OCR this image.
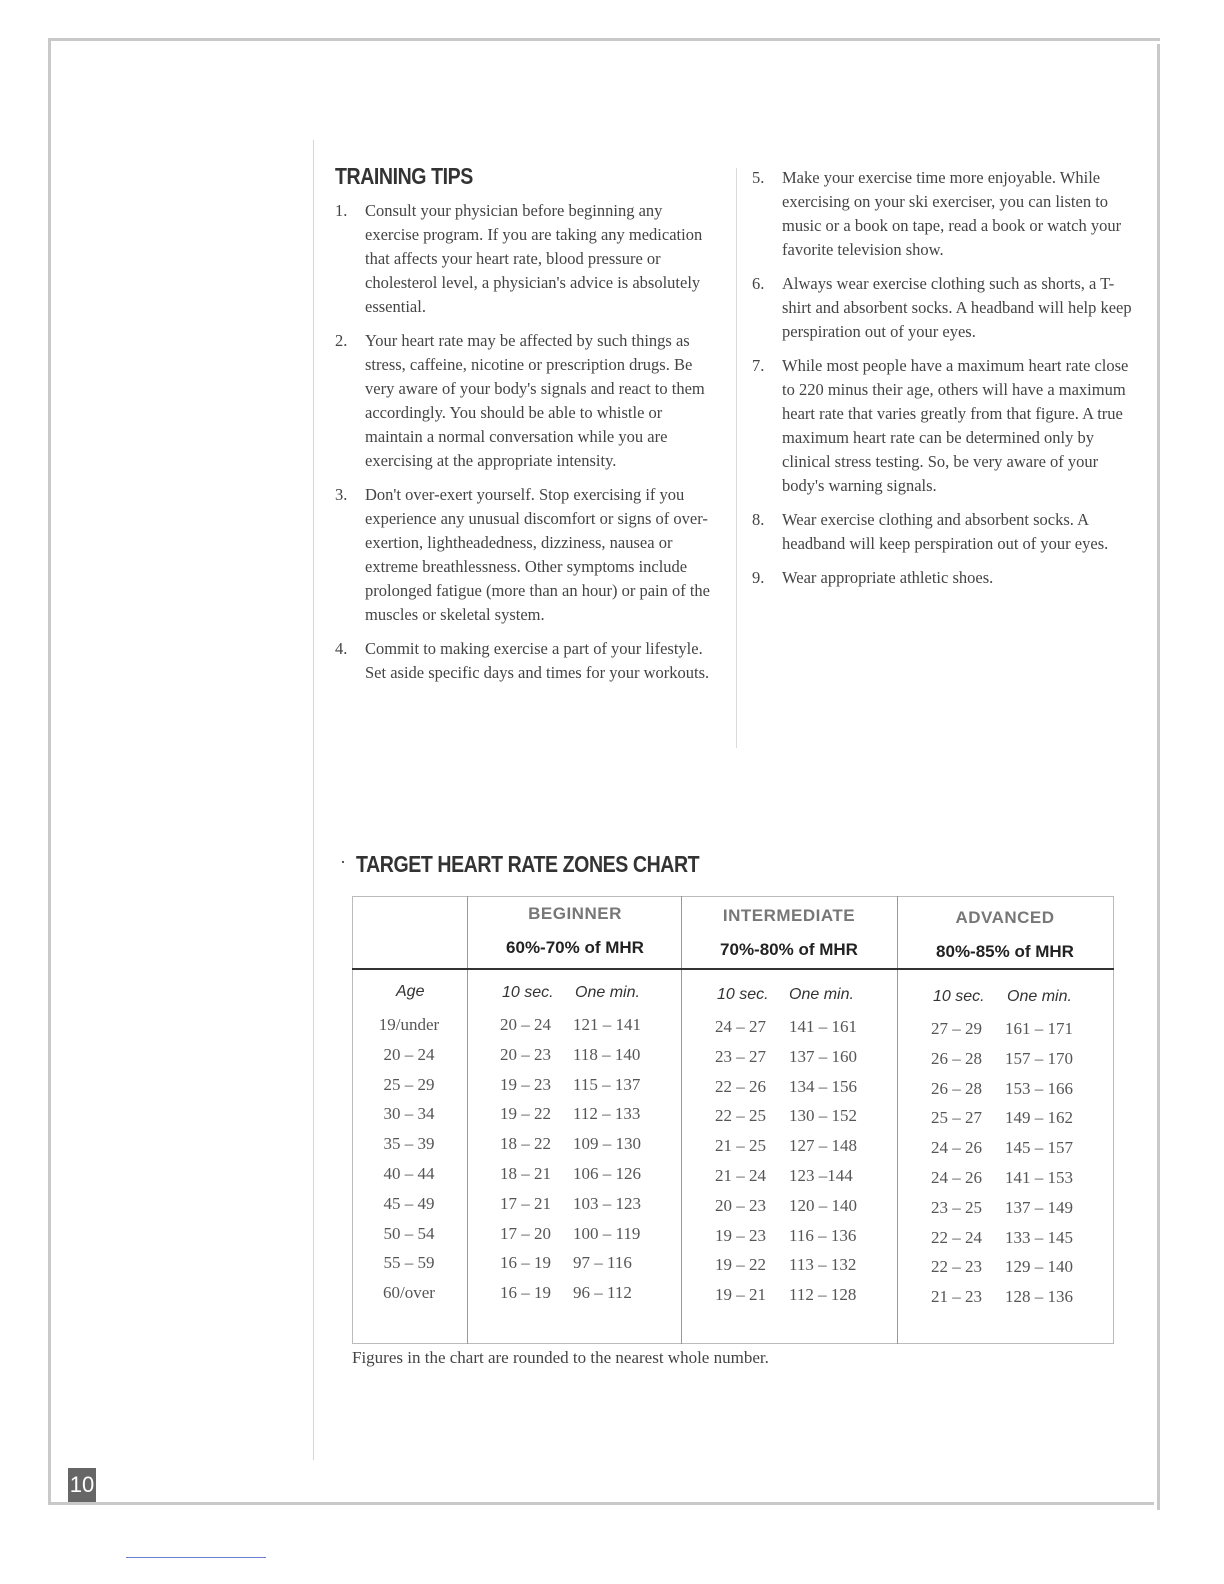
TRAINING TIPS
1. Consult your physician before beginning any exercise program. If you are taking any medication that affects your heart rate, blood pressure or cholesterol level, a physician's advice is absolutely essential.
2. Your heart rate may be affected by such things as stress, caffeine, nicotine or prescription drugs. Be very aware of your body's signals and react to them accordingly. You should be able to whistle or maintain a normal conversation while you are exercising at the appropriate intensity.
3. Don't over-exert yourself. Stop exercising if you experience any unusual discomfort or signs of over-exertion, lightheadedness, dizziness, nausea or extreme breathlessness. Other symptoms include prolonged fatigue (more than an hour) or pain of the muscles or skeletal system.
4. Commit to making exercise a part of your lifestyle. Set aside specific days and times for your workouts.
5. Make your exercise time more enjoyable. While exercising on your ski exerciser, you can listen to music or a book on tape, read a book or watch your favorite television show.
6. Always wear exercise clothing such as shorts, a T-shirt and absorbent socks. A headband will help keep perspiration out of your eyes.
7. While most people have a maximum heart rate close to 220 minus their age, others will have a maximum heart rate that varies greatly from that figure. A true maximum heart rate can be determined only by clinical stress testing. So, be very aware of your body's warning signals.
8. Wear exercise clothing and absorbent socks. A headband will keep perspiration out of your eyes.
9. Wear appropriate athletic shoes.
· TARGET HEART RATE ZONES CHART
BEGINNER
60%-70% of MHR
INTERMEDIATE
70%-80% of MHR
ADVANCED
80%-85% of MHR
Age	10 sec. One min.	10 sec. One min.	10 sec. One min.
19/under	20 – 24 121 – 141	24 – 27 141 – 161	27 – 29 161 – 171
20 – 24	20 – 23 118 – 140	23 – 27 137 – 160	26 – 28 157 – 170
25 – 29	19 – 23 115 – 137	22 – 26 134 – 156	26 – 28 153 – 166
30 – 34	19 – 22 112 – 133	22 – 25 130 – 152	25 – 27 149 – 162
35 – 39	18 – 22 109 – 130	21 – 25 127 – 148	24 – 26 145 – 157
40 – 44	18 – 21 106 – 126	21 – 24 123 –144	24 – 26 141 – 153
45 – 49	17 – 21 103 – 123	20 – 23 120 – 140	23 – 25 137 – 149
50 – 54	17 – 20 100 – 119	19 – 23 116 – 136	22 – 24 133 – 145
55 – 59	16 – 19 97 – 116	19 – 22 113 – 132	22 – 23 129 – 140
60/over	16 – 19 96 – 112	19 – 21 112 – 128	21 – 23 128 – 136
Figures in the chart are rounded to the nearest whole number.
10
